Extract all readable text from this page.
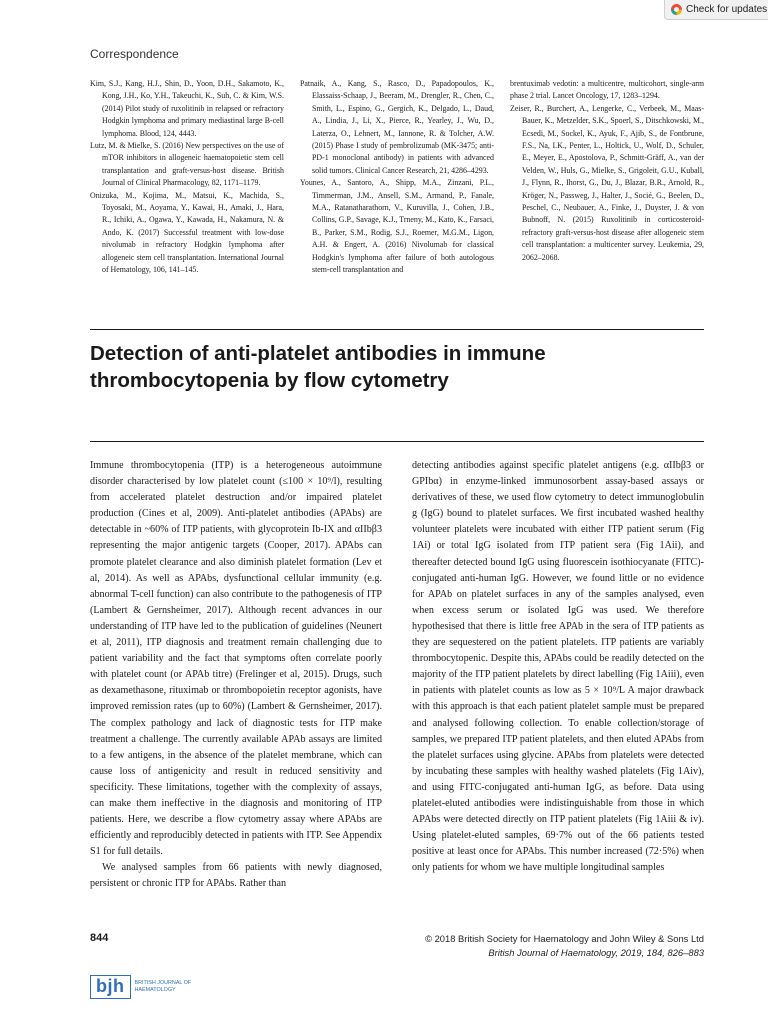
Check for updates
Correspondence

Kim, S.J., Kang, H.J., Shin, D., Yoon, D.H., Sakamoto, K., Kong, J.H., Ko, Y.H., Takeuchi, K., Suh, C. & Kim, W.S. (2014) Pilot study of ruxolitinib in relapsed or refractory Hodgkin lymphoma and primary mediastinal large B-cell lymphoma. Blood, 124, 4443.

Lutz, M. & Mielke, S. (2016) New perspectives on the use of mTOR inhibitors in allogeneic haematopoietic stem cell transplantation and graft-versus-host disease. British Journal of Clinical Pharmacology, 82, 1171–1179.

Onizuka, M., Kojima, M., Matsui, K., Machida, S., Toyosaki, M., Aoyama, Y., Kawai, H., Amaki, J., Hara, R., Ichiki, A., Ogawa, Y., Kawada, H., Nakamura, N. & Ando, K. (2017) Successful treatment with low-dose nivolumab in refractory Hodgkin lymphoma after allogeneic stem cell transplantation. International Journal of Hematology, 106, 141–145.

Patnaik, A., Kang, S., Rasco, D., Papadopoulos, K., Elassaiss-Schaap, J., Beeram, M., Drengler, R., Chen, C., Smith, L., Espino, G., Gergich, K., Delgado, L., Daud, A., Lindia, J., Li, X., Pierce, R., Yearley, J., Wu, D., Laterza, O., Lehnert, M., Iannone, R. & Tolcher, A.W. (2015) Phase I study of pembrolizumab (MK-3475; anti-PD-1 monoclonal antibody) in patients with advanced solid tumors. Clinical Cancer Research, 21, 4286–4293.

Younes, A., Santoro, A., Shipp, M.A., Zinzani, P.L., Timmerman, J.M., Ansell, S.M., Armand, P., Fanale, M.A., Ratanatharathorn, V., Kuruvilla, J., Cohen, J.B., Collins, G.P., Savage, K.J., Trneny, M., Kato, K., Farsaci, B., Parker, S.M., Rodig, S.J., Roemer, M.G.M., Ligon, A.H. & Engert, A. (2016) Nivolumab for classical Hodgkin's lymphoma after failure of both autologous stem-cell transplantation and

brentuximab vedotin: a multicentre, multicohort, single-arm phase 2 trial. Lancet Oncology, 17, 1283–1294.

Zeiser, R., Burchert, A., Lengerke, C., Verbeek, M., Maas-Bauer, K., Metzelder, S.K., Spoerl, S., Ditschkowski, M., Ecsedi, M., Sockel, K., Ayuk, F., Ajib, S., de Fontbrune, F.S., Na, I.K., Penter, L., Holtick, U., Wolf, D., Schuler, E., Meyer, E., Apostolova, P., Schmitt-Gräff, A., van der Velden, W., Huls, G., Mielke, S., Grigoleit, G.U., Kuball, J., Flynn, R., Ihorst, G., Du, J., Blazar, B.R., Arnold, R., Kröger, N., Passweg, J., Halter, J., Socié, G., Beelen, D., Peschel, C., Neubauer, A., Finke, J., Duyster, J. & von Bubnoff, N. (2015) Ruxolitinib in corticosteroid-refractory graft-versus-host disease after allogeneic stem cell transplantation: a multicenter survey. Leukemia, 29, 2062–2068.

Detection of anti-platelet antibodies in immune thrombocytopenia by flow cytometry

Immune thrombocytopenia (ITP) is a heterogeneous autoimmune disorder characterised by low platelet count (≤100 × 10⁹/l), resulting from accelerated platelet destruction and/or impaired platelet production (Cines et al, 2009). Anti-platelet antibodies (APAbs) are detectable in ~60% of ITP patients, with glycoprotein Ib-IX and αIIbβ3 representing the major antigenic targets (Cooper, 2017). APAbs can promote platelet clearance and also diminish platelet formation (Lev et al, 2014). As well as APAbs, dysfunctional cellular immunity (e.g. abnormal T-cell function) can also contribute to the pathogenesis of ITP (Lambert & Gernsheimer, 2017). Although recent advances in our understanding of ITP have led to the publication of guidelines (Neunert et al, 2011), ITP diagnosis and treatment remain challenging due to patient variability and the fact that symptoms often correlate poorly with platelet count (or APAb titre) (Frelinger et al, 2015). Drugs, such as dexamethasone, rituximab or thrombopoietin receptor agonists, have improved remission rates (up to 60%) (Lambert & Gernsheimer, 2017). The complex pathology and lack of diagnostic tests for ITP make treatment a challenge. The currently available APAb assays are limited to a few antigens, in the absence of the platelet membrane, which can cause loss of antigenicity and result in reduced sensitivity and specificity. These limitations, together with the complexity of assays, can make them ineffective in the diagnosis and monitoring of ITP patients. Here, we describe a flow cytometry assay where APAbs are efficiently and reproducibly detected in patients with ITP. See Appendix S1 for full details.

We analysed samples from 66 patients with newly diagnosed, persistent or chronic ITP for APAbs. Rather than

detecting antibodies against specific platelet antigens (e.g. αIIbβ3 or GPIbα) in enzyme-linked immunosorbent assay-based assays or derivatives of these, we used flow cytometry to detect immunoglobulin g (IgG) bound to platelet surfaces. We first incubated washed healthy volunteer platelets were incubated with either ITP patient serum (Fig 1Ai) or total IgG isolated from ITP patient sera (Fig 1Aii), and thereafter detected bound IgG using fluorescein isothiocyanate (FITC)-conjugated anti-human IgG. However, we found little or no evidence for APAb on platelet surfaces in any of the samples analysed, even when excess serum or isolated IgG was used. We therefore hypothesised that there is little free APAb in the sera of ITP patients as they are sequestered on the patient platelets. ITP patients are variably thrombocytopenic. Despite this, APAbs could be readily detected on the majority of the ITP patient platelets by direct labelling (Fig 1Aiii), even in patients with platelet counts as low as 5 × 10⁹/L A major drawback with this approach is that each patient platelet sample must be prepared and analysed following collection. To enable collection/storage of samples, we prepared ITP patient platelets, and then eluted APAbs from the platelet surfaces using glycine. APAbs from platelets were detected by incubating these samples with healthy washed platelets (Fig 1Aiv), and using FITC-conjugated anti-human IgG, as before. Data using platelet-eluted antibodies were indistinguishable from those in which APAbs were detected directly on ITP patient platelets (Fig 1Aiii & iv). Using platelet-eluted samples, 69·7% out of the 66 patients tested positive at least once for APAbs. This number increased (72·5%) when only patients for whom we have multiple longitudinal samples

844	© 2018 British Society for Haematology and John Wiley & Sons Ltd
British Journal of Haematology, 2019, 184, 826–883
bjh	BRITISH JOURNAL OF HAEMATOLOGY
